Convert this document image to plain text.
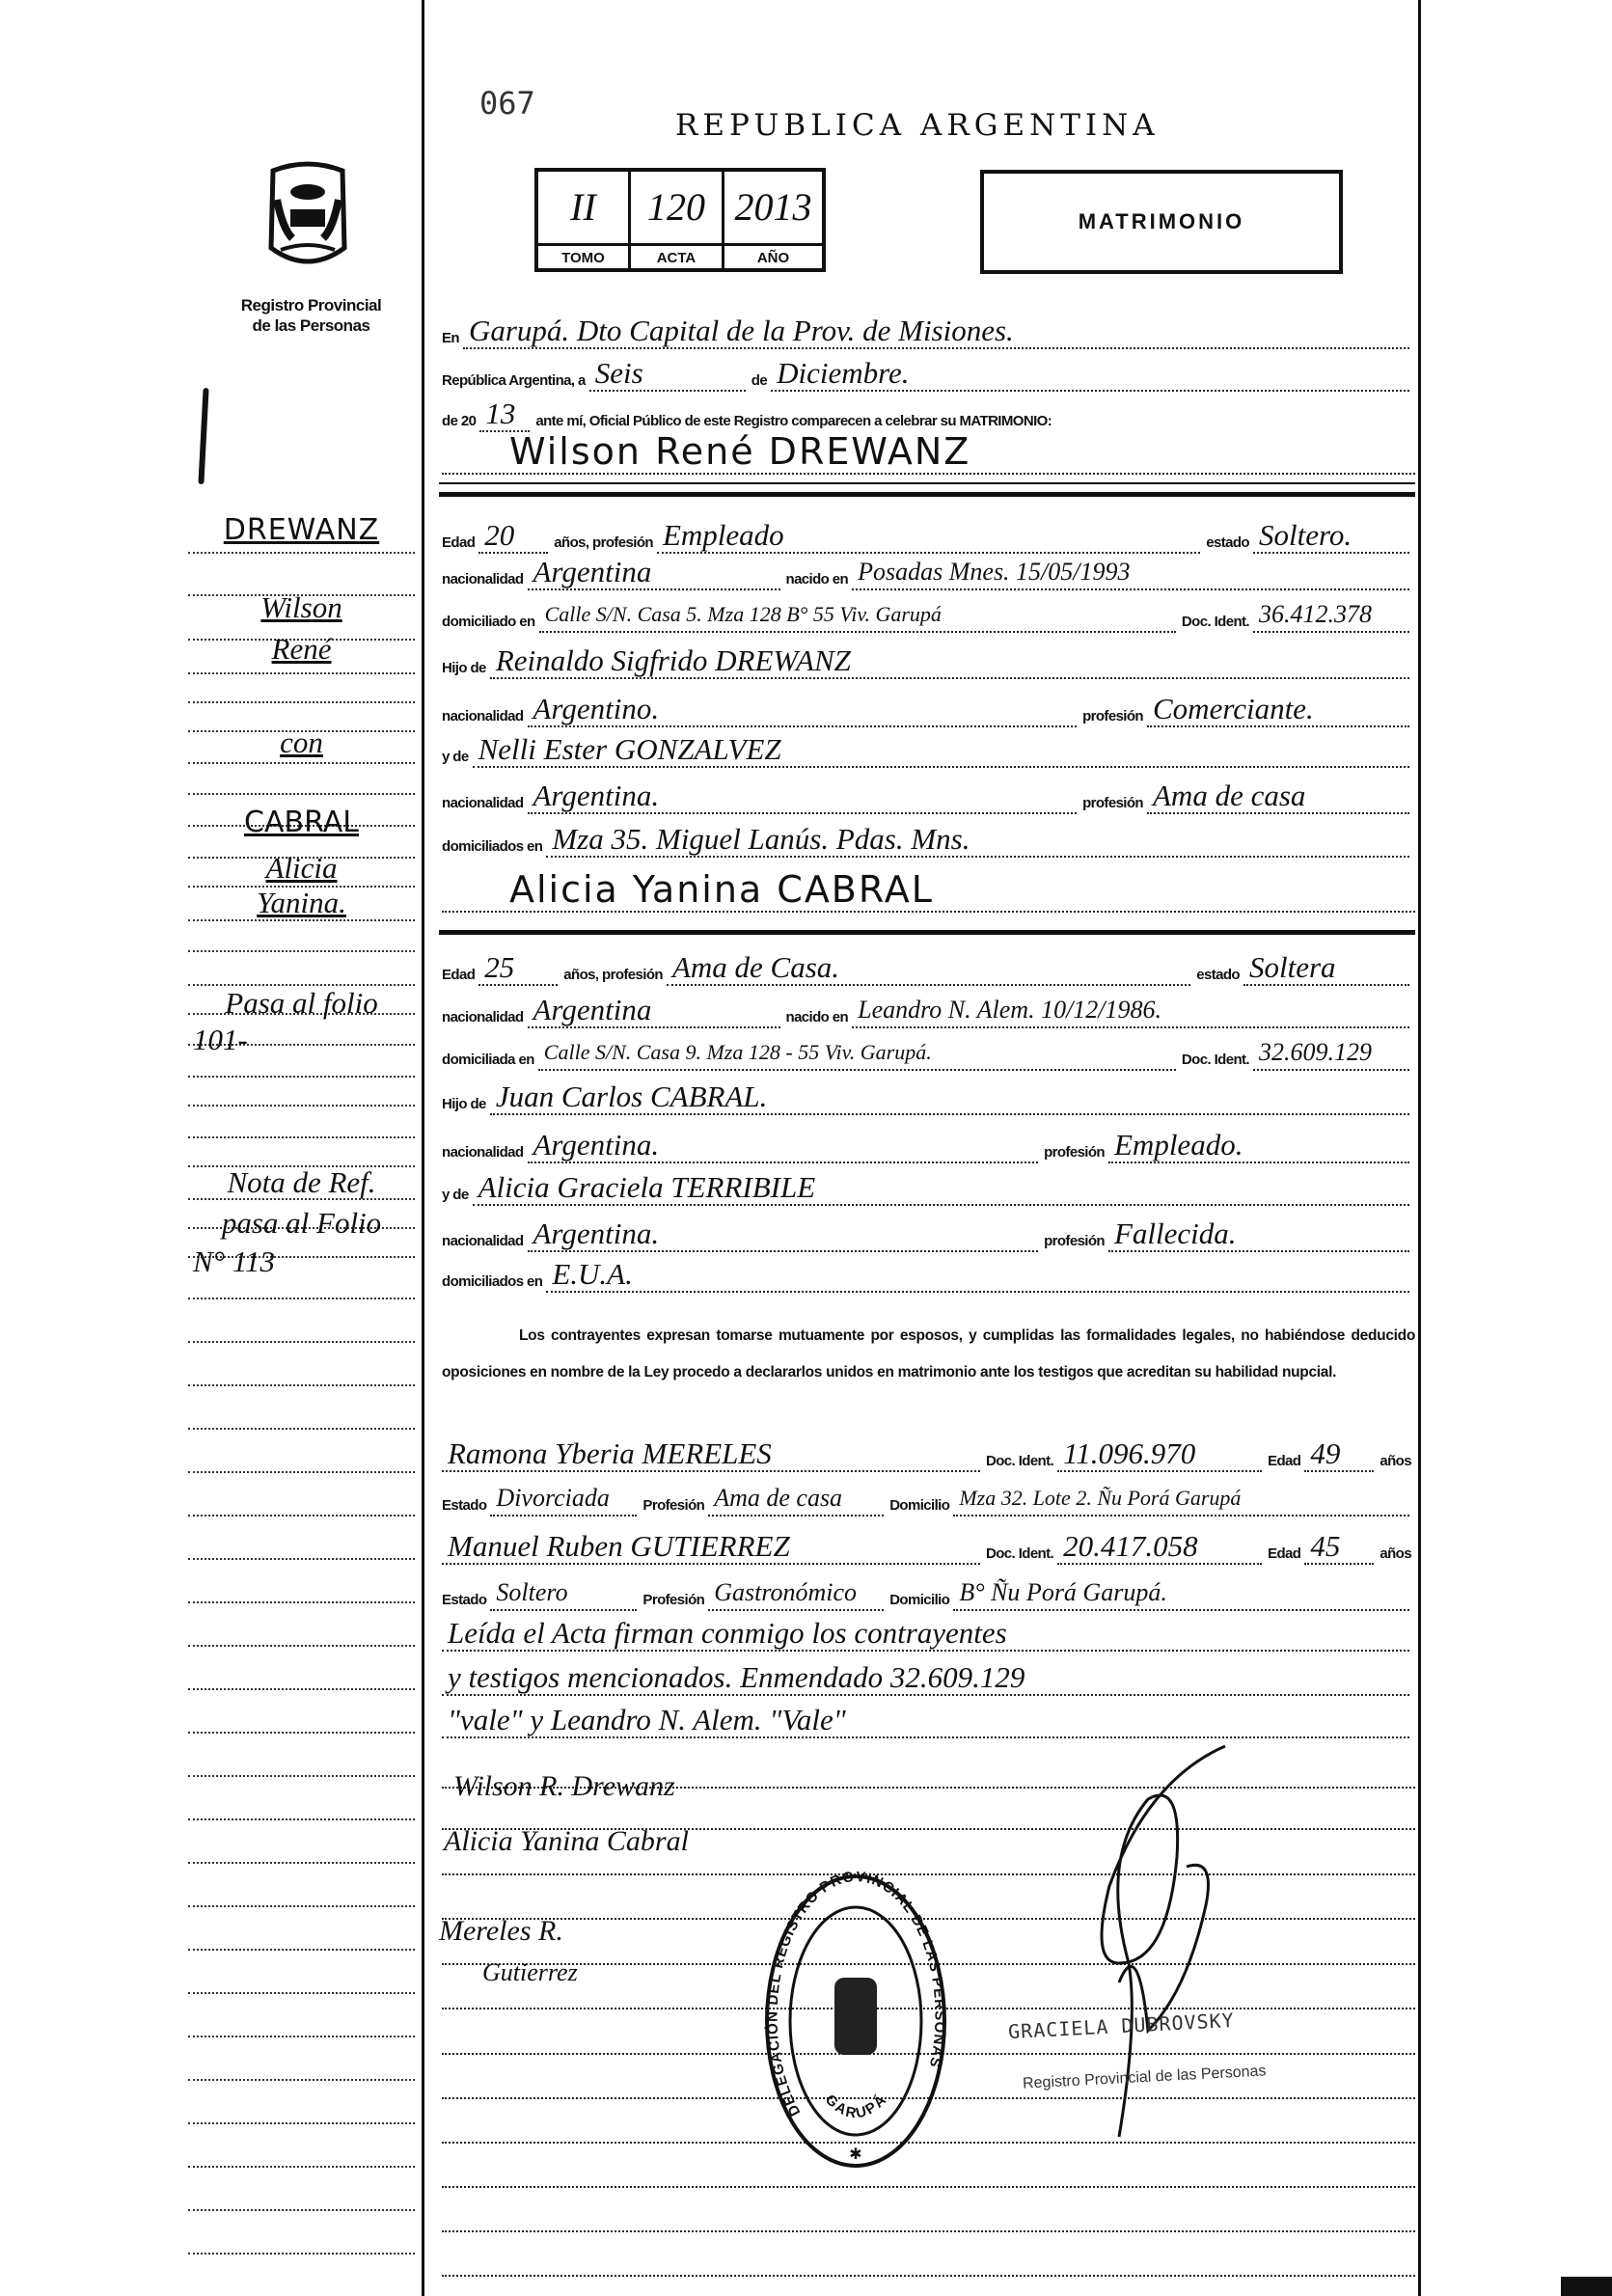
Registro Provincial
de las Personas
067
REPUBLICA ARGENTINA
II
TOMO
120
ACTA
2013
AÑO
MATRIMONIO
En Garupá. Dto Capital de la Prov. de Misiones.
República Argentina, a Seis	de Diciembre.
de 20 13	ante mí, Oficial Público de este Registro comparecen a celebrar su MATRIMONIO:
Wilson René DREWANZ
Edad 20	años, profesión Empleado	estado Soltero.
nacionalidad Argentina	nacido en Posadas Mnes. 15/05/1993
domiciliado en Calle S/N. Casa 5. Mza 128 B° 55 Viv. Garupá	Doc. Ident. 36.412.378
Hijo de Reinaldo Sigfrido DREWANZ
nacionalidad Argentino.	profesión Comerciante.
y de Nelli Ester GONZALVEZ
nacionalidad Argentina.	profesión Ama de casa
domiciliados en Mza 35. Miguel Lanús. Pdas. Mns.
Alicia Yanina CABRAL
Edad 25	años, profesión Ama de Casa.	estado Soltera
nacionalidad Argentina	nacido en Leandro N. Alem. 10/12/1986.
domiciliada en Calle S/N. Casa 9. Mza 128 - 55 Viv. Garupá.	Doc. Ident. 32.609.129
Hijo de Juan Carlos CABRAL.
nacionalidad Argentina.	profesión Empleado.
y de Alicia Graciela TERRIBILE
nacionalidad Argentina.	profesión Fallecida.
domiciliados en E.U.A.
Los contrayentes expresan tomarse mutuamente por esposos, y cumplidas las formalidades legales, no habiéndose deducido oposiciones en nombre de la Ley procedo a declararlos unidos en matrimonio ante los testigos que acreditan su habilidad nupcial.
Ramona Yberia MERELES	Doc. Ident. 11.096.970	Edad 49	años
Estado Divorciada	Profesión Ama de casa	Domicilio Mza 32. Lote 2. Ñu Porá Garupá
Manuel Ruben GUTIERREZ	Doc. Ident. 20.417.058	Edad 45	años
Estado Soltero	Profesión Gastronómico	Domicilio B° Ñu Porá Garupá.
Leída el Acta firman conmigo los contrayentes
y testigos mencionados. Enmendado 32.609.129
"vale" y Leandro N. Alem. "Vale"
Wilson R. Drewanz
Alicia Yanina Cabral
Mereles R.
Gutierrez
DELEGACIÓN DEL REGISTRO PROVINCIAL DE LAS PERSONAS
GARUPÁ
✱
GRACIELA DUBROVSKY
Registro Provincial de las Personas
DREWANZ
Wilson
René
con
CABRAL
Alicia
Yanina.
Pasa al folio
101-
Nota de Ref.
pasa al Folio
N° 113
